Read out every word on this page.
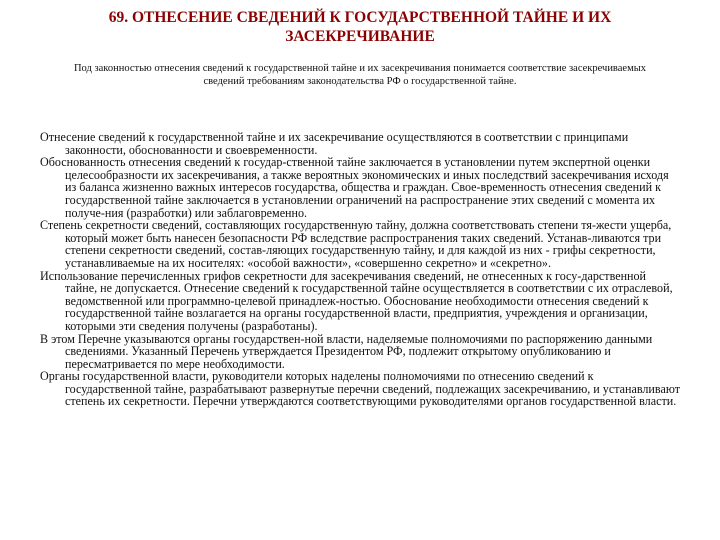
69. ОТНЕСЕНИЕ СВЕДЕНИЙ К ГОСУДАРСТВЕННОЙ ТАЙНЕ И ИХ ЗАСЕКРЕЧИВАНИЕ

Под законностью отнесения сведений к государственной тайне и их засекречивания понимается соответствие засекречиваемых сведений требованиям законодательства РФ о государственной тайне.

Отнесение сведений к государственной тайне и их засекречивание осуществляются в соответствии с принципами законности, обоснованности и своевременности.

Обоснованность отнесения сведений к государ-ственной тайне заключается в установлении путем экспертной оценки целесообразности их засекречивания, а также вероятных экономических и иных последствий засекречивания исходя из баланса жизненно важных интересов государства, общества и граждан. Свое-временность отнесения сведений к государственной тайне заключается в установлении ограничений на распространение этих сведений с момента их получе-ния (разработки) или заблаговременно.

Степень секретности сведений, составляющих государственную тайну, должна соответствовать степени тя-жести ущерба, который может быть нанесен безопасности РФ вследствие распространения таких сведений. Устанав-ливаются три степени секретности сведений, состав-ляющих государственную тайну, и для каждой из них - грифы секретности, устанавливаемые на их носителях: «особой важности», «совершенно секретно» и «секретно».

Использование перечисленных грифов секретности для засекречивания сведений, не отнесенных к госу-дарственной тайне, не допускается. Отнесение сведений к государственной тайне осуществляется в соответствии с их отраслевой, ведомственной или программно-целевой принадлеж-ностью. Обоснование необходимости отнесения сведений к государственной тайне возлагается на органы государственной власти, предприятия, учреждения и организации, которыми эти сведения получены (разработаны).

В этом Перечне указываются органы государствен-ной власти, наделяемые полномочиями по распоряжению данными сведениями. Указанный Перечень утверждается Президентом РФ, подлежит открытому опубликованию и пересматривается по мере необходимости.

Органы государственной власти, руководители которых наделены полномочиями по отнесению сведений к государственной тайне, разрабатывают развернутые перечни сведений, подлежащих засекречиванию, и устанавливают степень их секретности. Перечни утверждаются соответствующими руководителями органов государственной власти.
